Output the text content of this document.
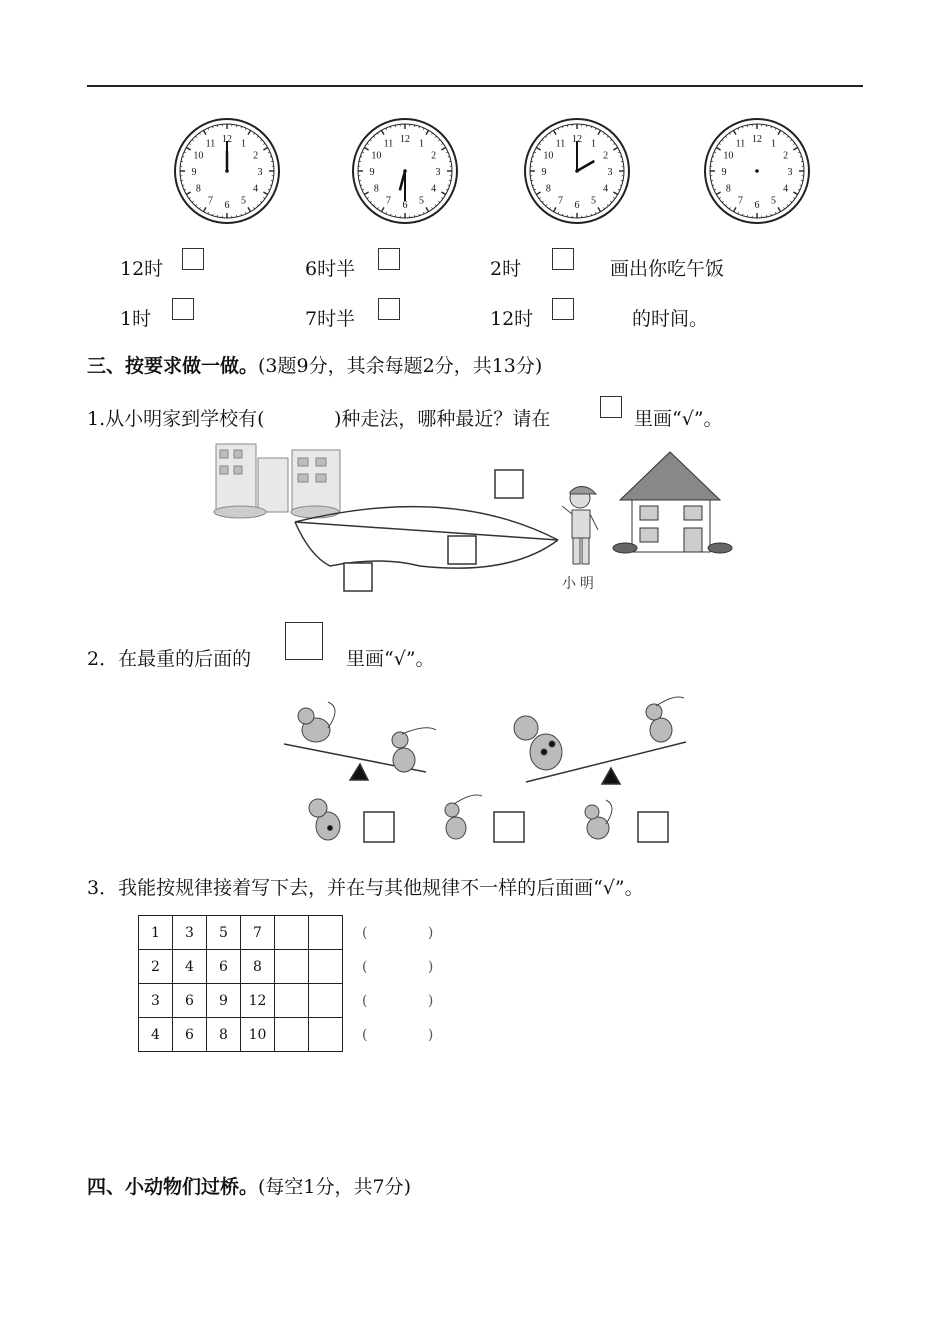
12 1
2
3
4
5
6
7
8
9
10
11	12 1
2
3
4
5
6
7
8
9
10
11	12 1
2
3
4
5
6
7
8
9
10
11	12 1
2
3
4
5
6
7
8
9
10
11
12时	6时半	2时	画出你吃午饭
1时	7时半	12时	的时间。
三、按要求做一做。(3题9分，其余每题2分，共13分)
1.从小明家到学校有(	)种走法，哪种最近？请在	里画“√”。
小 明
2．在最重的后面的	里画“√”。
3．我能按规律接着写下去，并在与其他规律不一样的后面画“√”。
1	3	5	7		
2	4	6	8		
3	6	9	12		
4	6	8	10		
( )
( )
( )
( )
四、小动物们过桥。(每空1分，共7分)
